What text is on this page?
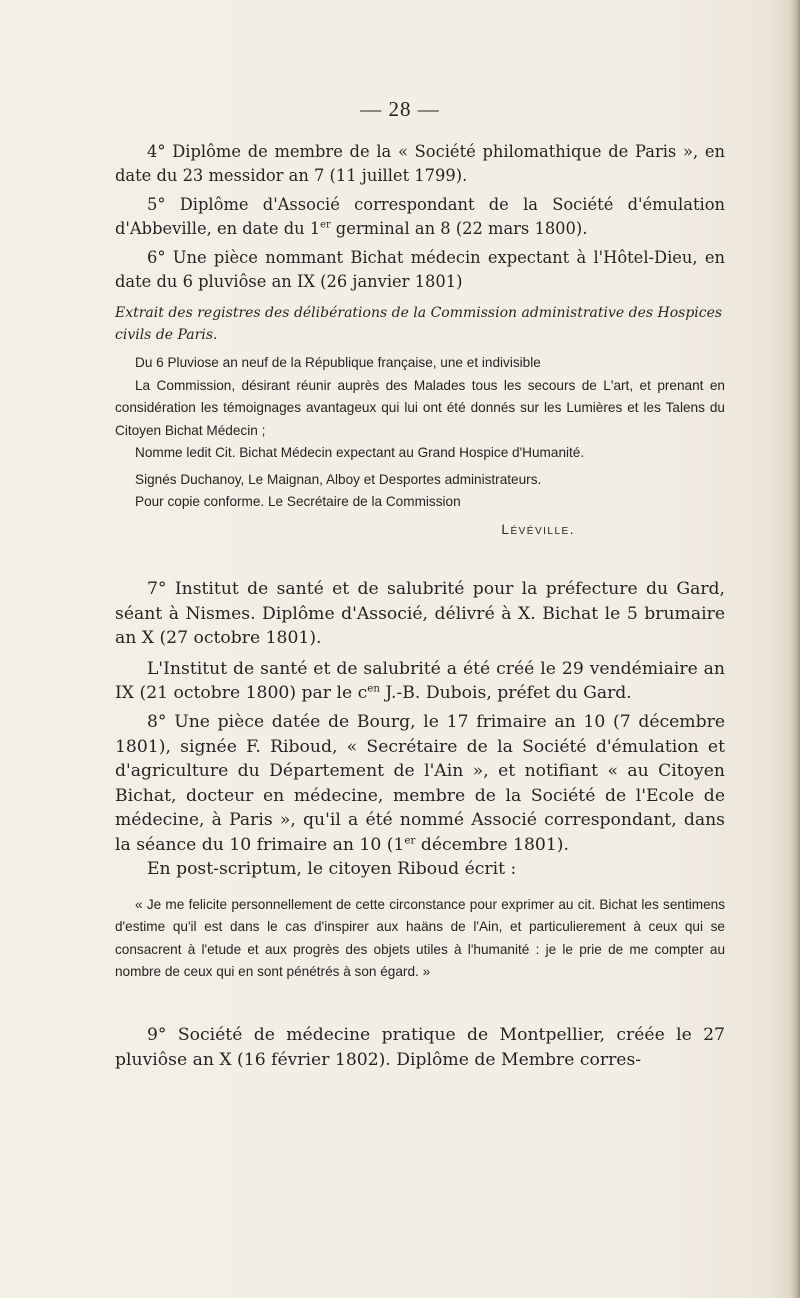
— 28 —

4° Diplôme de membre de la « Société philomathique de Paris », en date du 23 messidor an 7 (11 juillet 1799).

5° Diplôme d'Associé correspondant de la Société d'émulation d'Abbeville, en date du 1er germinal an 8 (22 mars 1800).

6° Une pièce nommant Bichat médecin expectant à l'Hôtel-Dieu, en date du 6 pluviôse an IX (26 janvier 1801)

Extrait des registres des délibérations de la Commission administrative des Hospices civils de Paris.

Du 6 Pluviose an neuf de la République française, une et indivisible

La Commission, désirant réunir auprès des Malades tous les secours de L'art, et prenant en considération les témoignages avantageux qui lui ont été donnés sur les Lumières et les Talens du Citoyen Bichat Médecin ;

Nomme ledit Cit. Bichat Médecin expectant au Grand Hospice d'Humanité.

Signés Duchanoy, Le Maignan, Alboy et Desportes administrateurs.

Pour copie conforme. Le Secrétaire de la Commission

Lévéville.

7° Institut de santé et de salubrité pour la préfecture du Gard, séant à Nismes. Diplôme d'Associé, délivré à X. Bichat le 5 brumaire an X (27 octobre 1801).

L'Institut de santé et de salubrité a été créé le 29 vendémiaire an IX (21 octobre 1800) par le $c^{en}$ J.-B. Dubois, préfet du Gard.

8° Une pièce datée de Bourg, le 17 frimaire an 10 (7 décembre 1801), signée F. Riboud, « Secrétaire de la Société d'émulation et d'agriculture du Département de l'Ain », et notifiant « au Citoyen Bichat, docteur en médecine, membre de la Société de l'Ecole de médecine, à Paris », qu'il a été nommé Associé correspondant, dans la séance du 10 frimaire an 10 (1er décembre 1801).

En post-scriptum, le citoyen Riboud écrit :

« Je me felicite personnellement de cette circonstance pour exprimer au cit. Bichat les sentimens d'estime qu'il est dans le cas d'inspirer aux haäns de l'Ain, et particulierement à ceux qui se consacrent à l'etude et aux progrès des objets utiles à l'humanité : je le prie de me compter au nombre de ceux qui en sont pénétrés à son égard. »

9° Société de médecine pratique de Montpellier, créée le 27 pluviôse an X (16 février 1802). Diplôme de Membre corres-
